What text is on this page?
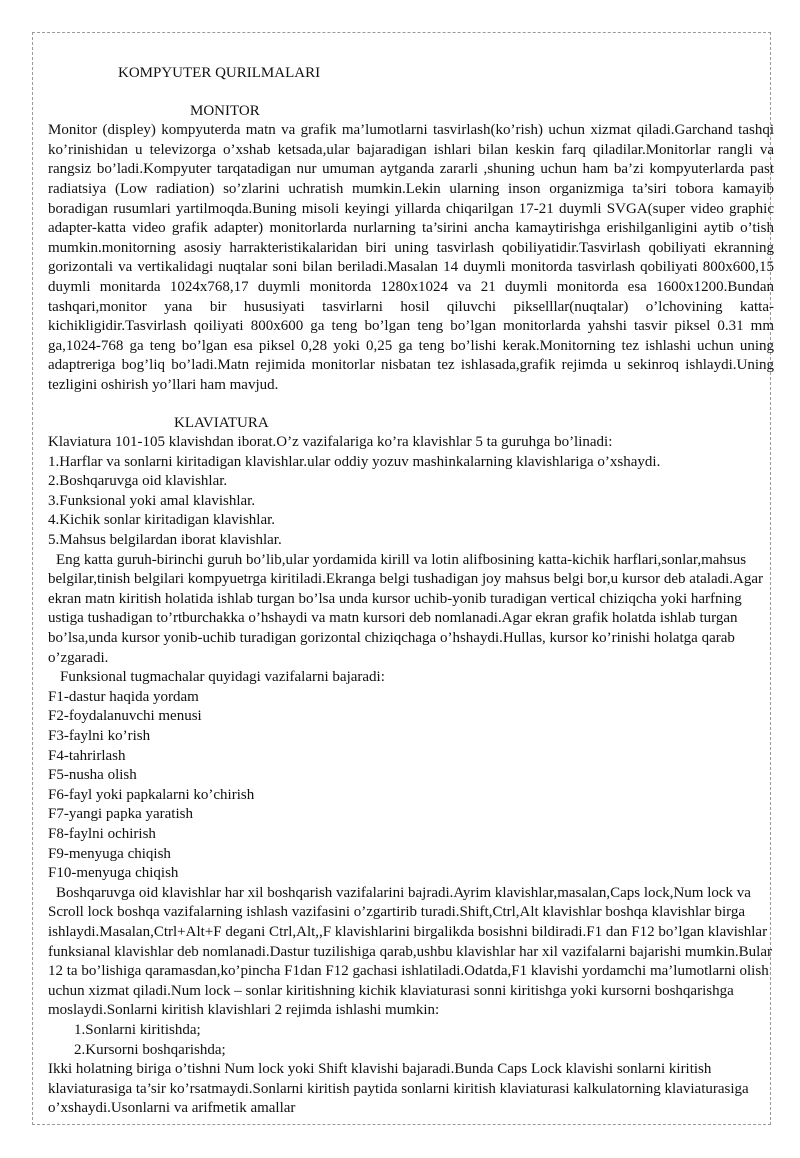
KOMPYUTER QURILMALARI

MONITOR

Monitor (displey) kompyuterda matn va grafik ma’lumotlarni tasvirlash(ko’rish) uchun xizmat qiladi.Garchand tashqi ko’rinishidan u televizorga o’xshab ketsada,ular bajaradigan ishlari bilan keskin farq qiladilar.Monitorlar rangli va rangsiz bo’ladi.Kompyuter tarqatadigan nur umuman aytganda zararli ,shuning uchun ham ba’zi kompyuterlarda past radiatsiya (Low radiation) so’zlarini uchratish mumkin.Lekin ularning inson organizmiga ta’siri tobora kamayib boradigan rusumlari yartilmoqda.Buning misoli keyingi yillarda chiqarilgan 17-21 duymli SVGA(super video graphic adapter-katta video grafik adapter) monitorlarda nurlarning ta’sirini ancha kamaytirishga erishilganligini aytib o’tish mumkin.monitorning asosiy harrakteristikalaridan biri uning tasvirlash qobiliyatidir.Tasvirlash qobiliyati ekranning gorizontali va vertikalidagi nuqtalar soni bilan beriladi.Masalan 14 duymli monitorda tasvirlash qobiliyati 800x600,15 duymli monitarda 1024x768,17 duymli monitorda 1280x1024 va 21 duymli monitorda esa 1600x1200.Bundan tashqari,monitor yana bir hususiyati tasvirlarni hosil qiluvchi pikselllar(nuqtalar) o’lchovining katta-kichikligidir.Tasvirlash qoiliyati 800x600 ga teng bo’lgan teng bo’lgan monitorlarda yahshi tasvir piksel 0.31 mm ga,1024-768 ga teng bo’lgan esa piksel 0,28 yoki 0,25 ga teng bo’lishi kerak.Monitorning tez ishlashi uchun uning adaptreriga bog’liq bo’ladi.Matn rejimida monitorlar nisbatan tez ishlasada,grafik rejimda u sekinroq ishlaydi.Uning tezligini oshirish yo’llari ham mavjud.

KLAVIATURA

Klaviatura 101-105 klavishdan iborat.O’z vazifalariga ko’ra klavishlar 5 ta guruhga bo’linadi:

1.Harflar va sonlarni kiritadigan klavishlar.ular oddiy yozuv mashinkalarning klavishlariga o’xshaydi.

2.Boshqaruvga oid klavishlar.

3.Funksional yoki amal klavishlar.

4.Kichik sonlar kiritadigan klavishlar.

5.Mahsus belgilardan iborat klavishlar.

Eng katta guruh-birinchi guruh bo’lib,ular yordamida kirill va lotin alifbosining katta-kichik harflari,sonlar,mahsus belgilar,tinish belgilari kompyuetrga kiritiladi.Ekranga belgi tushadigan joy mahsus belgi bor,u kursor deb ataladi.Agar ekran matn kiritish holatida ishlab turgan bo’lsa unda kursor uchib-yonib turadigan vertical chiziqcha yoki harfning ustiga tushadigan to’rtburchakka o’hshaydi va matn kursori deb nomlanadi.Agar ekran grafik holatda ishlab turgan bo’lsa,unda kursor yonib-uchib turadigan gorizontal chiziqchaga o’hshaydi.Hullas, kursor ko’rinishi holatga qarab o’zgaradi.

Funksional tugmachalar quyidagi vazifalarni bajaradi:

F1-dastur haqida yordam

F2-foydalanuvchi menusi

F3-faylni ko’rish

F4-tahrirlash

F5-nusha olish

F6-fayl yoki papkalarni ko’chirish

F7-yangi papka yaratish

F8-faylni ochirish

F9-menyuga chiqish

F10-menyuga chiqish

Boshqaruvga oid klavishlar har xil boshqarish vazifalarini bajradi.Ayrim klavishlar,masalan,Caps lock,Num lock va Scroll lock boshqa vazifalarning ishlash vazifasini o’zgartirib turadi.Shift,Ctrl,Alt klavishlar boshqa klavishlar birga ishlaydi.Masalan,Ctrl+Alt+F degani Ctrl,Alt,,F klavishlarini birgalikda bosishni bildiradi.F1 dan F12 bo’lgan klavishlar funksianal klavishlar deb nomlanadi.Dastur tuzilishiga qarab,ushbu klavishlar har xil vazifalarni bajarishi mumkin.Bular 12 ta bo’lishiga qaramasdan,ko’pincha F1dan F12 gachasi ishlatiladi.Odatda,F1 klavishi yordamchi ma’lumotlarni olish uchun xizmat qiladi.Num lock – sonlar kiritishning kichik klaviaturasi sonni kiritishga yoki kursorni boshqarishga moslaydi.Sonlarni kiritish klavishlari 2 rejimda ishlashi mumkin:

1.Sonlarni kiritishda;

2.Kursorni boshqarishda;

Ikki holatning biriga o’tishni Num lock yoki Shift klavishi bajaradi.Bunda Caps Lock klavishi sonlarni kiritish klaviaturasiga ta’sir ko’rsatmaydi.Sonlarni kiritish paytida sonlarni kiritish klaviaturasi kalkulatorning klaviaturasiga o’xshaydi.Usonlarni va arifmetik amallar
